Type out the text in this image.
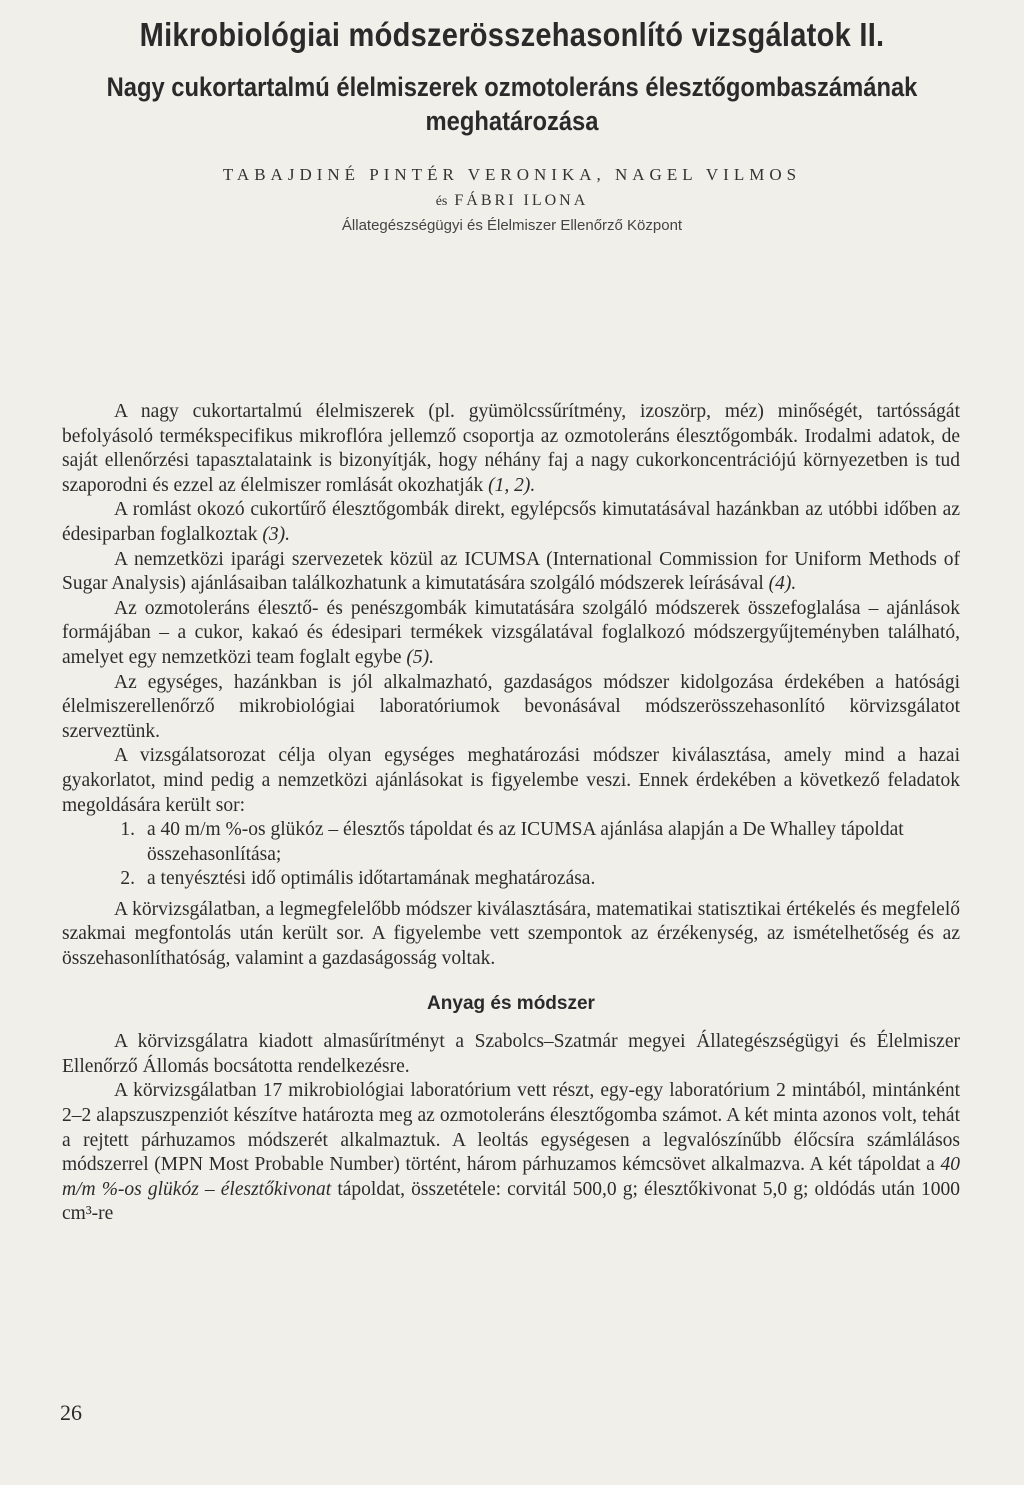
Mikrobiológiai módszerösszehasonlító vizsgálatok II.
Nagy cukortartalmú élelmiszerek ozmotoleráns élesztőgombaszámának meghatározása
TABAJDINÉ PINTÉR VERONIKA, NAGEL VILMOS
és FÁBRI ILONA
Állategészségügyi és Élelmiszer Ellenőrző Központ

A nagy cukortartalmú élelmiszerek (pl. gyümölcssűrítmény, izoszörp, méz) minőségét, tartósságát befolyásoló termékspecifikus mikroflóra jellemző csoportja az ozmotoleráns élesztőgombák. Irodalmi adatok, de saját ellenőrzési tapasztalataink is bizonyítják, hogy néhány faj a nagy cukorkoncentrációjú környezetben is tud szaporodni és ezzel az élelmiszer romlását okozhatják (1, 2).

A romlást okozó cukortűrő élesztőgombák direkt, egylépcsős kimutatásával hazánkban az utóbbi időben az édesiparban foglalkoztak (3).

A nemzetközi iparági szervezetek közül az ICUMSA (International Commission for Uniform Methods of Sugar Analysis) ajánlásaiban találkozhatunk a kimutatására szolgáló módszerek leírásával (4).

Az ozmotoleráns élesztő- és penészgombák kimutatására szolgáló módszerek összefoglalása – ajánlások formájában – a cukor, kakaó és édesipari termékek vizsgálatával foglalkozó módszergyűjteményben található, amelyet egy nemzetközi team foglalt egybe (5).

Az egységes, hazánkban is jól alkalmazható, gazdaságos módszer kidolgozása érdekében a hatósági élelmiszerellenőrző mikrobiológiai laboratóriumok bevonásával módszerösszehasonlító körvizsgálatot szerveztünk.

A vizsgálatsorozat célja olyan egységes meghatározási módszer kiválasztása, amely mind a hazai gyakorlatot, mind pedig a nemzetközi ajánlásokat is figyelembe veszi. Ennek érdekében a következő feladatok megoldására került sor:

1. a 40 m/m %-os glükóz – élesztős tápoldat és az ICUMSA ajánlása alapján a De Whalley tápoldat összehasonlítása;
2. a tenyésztési idő optimális időtartamának meghatározása.

A körvizsgálatban, a legmegfelelőbb módszer kiválasztására, matematikai statisztikai értékelés és megfelelő szakmai megfontolás után került sor. A figyelembe vett szempontok az érzékenység, az ismételhetőség és az összehasonlíthatóság, valamint a gazdaságosság voltak.

Anyag és módszer

A körvizsgálatra kiadott almasűrítményt a Szabolcs–Szatmár megyei Állategészségügyi és Élelmiszer Ellenőrző Állomás bocsátotta rendelkezésre.

A körvizsgálatban 17 mikrobiológiai laboratórium vett részt, egy-egy laboratórium 2 mintából, mintánként 2–2 alapszuszpenziót készítve határozta meg az ozmotoleráns élesztőgomba számot. A két minta azonos volt, tehát a rejtett párhuzamos módszerét alkalmaztuk. A leoltás egységesen a legvalószínűbb élőcsíra számlálásos módszerrel (MPN Most Probable Number) történt, három párhuzamos kémcsövet alkalmazva. A két tápoldat a 40 m/m %-os glükóz – élesztőkivonat tápoldat, összetétele: corvitál 500,0 g; élesztőkivonat 5,0 g; oldódás után 1000 cm³-re

26
